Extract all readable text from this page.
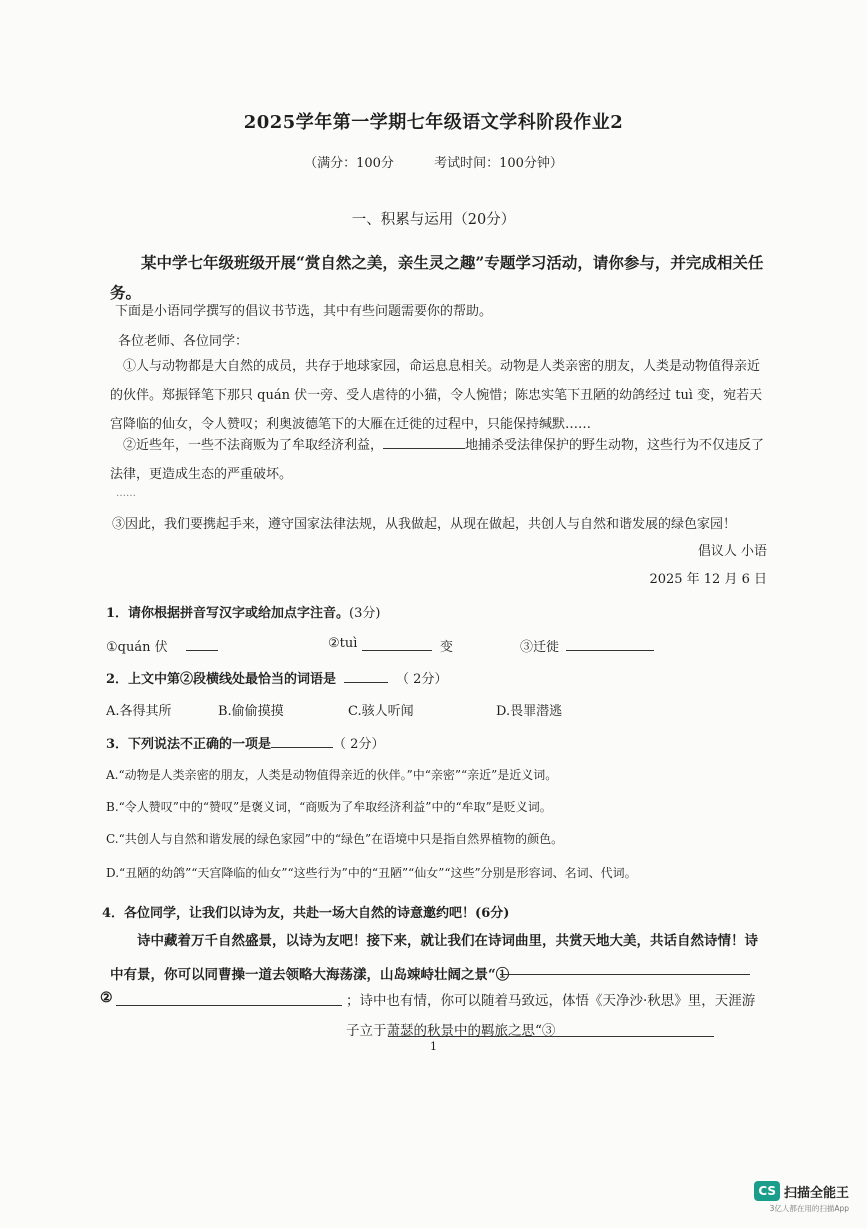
2025学年第一学期七年级语文学科阶段作业2
（满分：100分	考试时间：100分钟）
一、积累与运用（20分）
某中学七年级班级开展“赏自然之美，亲生灵之趣”专题学习活动，请你参与，并完成相关任务。
下面是小语同学撰写的倡议书节选，其中有些问题需要你的帮助。
各位老师、各位同学：
①人与动物都是大自然的成员，共存于地球家园，命运息息相关。动物是人类亲密的朋友，人类是动物值得亲近的伙伴。郑振铎笔下那只 quán 伏一旁、受人虐待的小猫，令人惋惜；陈忠实笔下丑陋的幼鸽经过 tuì 变，宛若天宫降临的仙女，令人赞叹；利奥波德笔下的大雁在迁徙的过程中，只能保持缄默……
②近些年，一些不法商贩为了牟取经济利益，	地捕杀受法律保护的野生动物，这些行为不仅违反了法律，更造成生态的严重破坏。
……
③因此，我们要携起手来，遵守国家法律法规，从我做起，从现在做起，共创人与自然和谐发展的绿色家园！
倡议人 小语
2025 年 12 月 6 日
1．请你根据拼音写汉字或给加点字注音。(3分)
①quán 伏	②tuì	变	③迁徙
2．上文中第②段横线处最恰当的词语是	（ 2分）
A.各得其所	B.偷偷摸摸	C.骇人听闻	D.畏罪潜逃
3．下列说法不正确的一项是	（ 2分）
A.“动物是人类亲密的朋友，人类是动物值得亲近的伙伴。”中“亲密”“亲近”是近义词。
B.“令人赞叹”中的“赞叹”是褒义词，“商贩为了牟取经济利益”中的“牟取”是贬义词。
C.“共创人与自然和谐发展的绿色家园”中的“绿色”在语境中只是指自然界植物的颜色。
D.“丑陋的幼鸽”“天宫降临的仙女”“这些行为”中的“丑陋”“仙女”“这些”分别是形容词、名词、代词。
4．各位同学，让我们以诗为友，共赴一场大自然的诗意邀约吧！(6分)
诗中藏着万千自然盛景，以诗为友吧！接下来，就让我们在诗词曲里，共赏天地大美，共话自然诗情！诗中有景，你可以同曹操一道去领略大海荡漾，山岛竦峙壮阔之景“①
②	；诗中也有情，你可以随着马致远，体悟《天净沙·秋思》里，天涯游子立于萧瑟的秋景中的羁旅之思“③
1
CS 扫描全能王
3亿人都在用的扫描App
